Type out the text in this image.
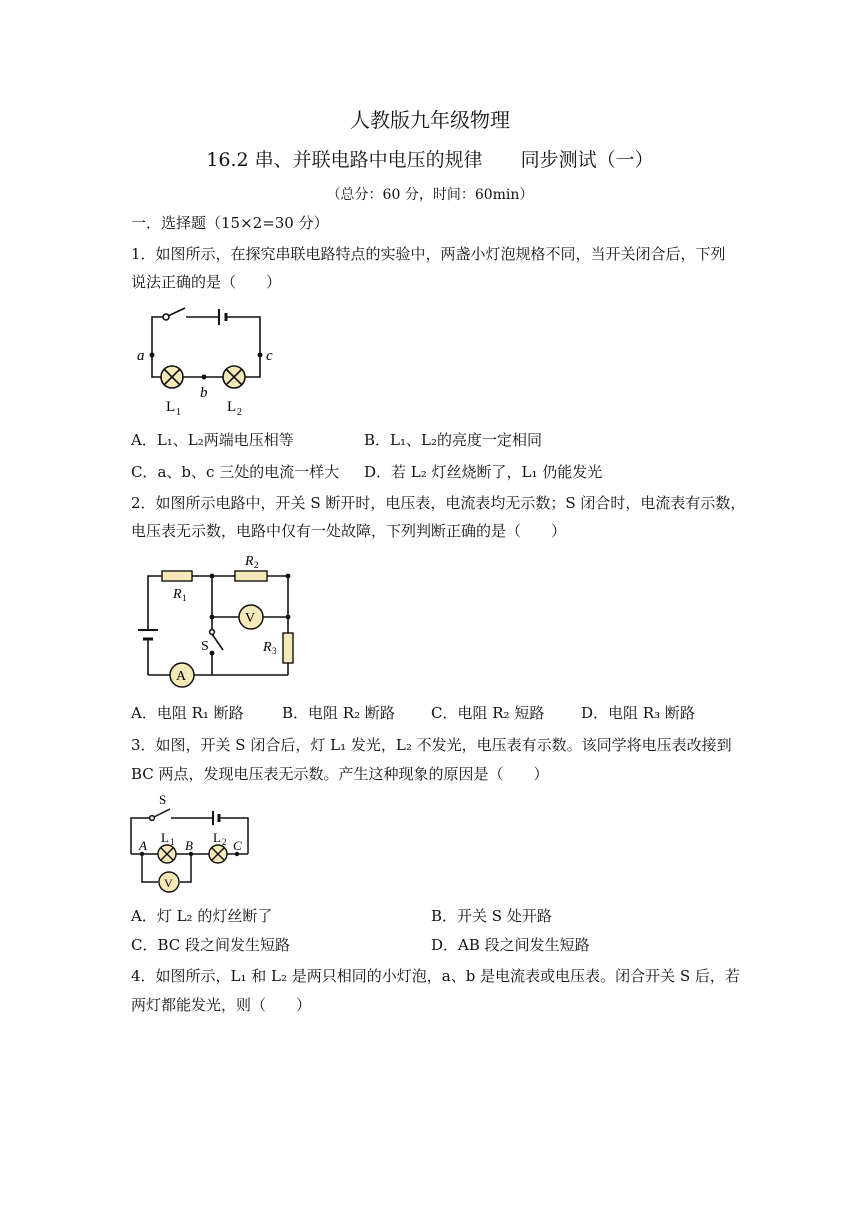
人教版九年级物理
16.2 串、并联电路中电压的规律　　同步测试（一）
（总分：60 分，时间：60min）
一．选择题（15×2=30 分）
1．如图所示，在探究串联电路特点的实验中，两盏小灯泡规格不同，当开关闭合后，下列
说法正确的是（　　）
a
b
c
L 1	L 2
A．L₁、L₂两端电压相等	B．L₁、L₂的亮度一定相同
C．a、b、c 三处的电流一样大 D．若 L₂ 灯丝烧断了，L₁ 仍能发光
2．如图所示电路中，开关 S 断开时，电压表，电流表均无示数；S 闭合时，电流表有示数，
电压表无示数，电路中仅有一处故障，下列判断正确的是（　　）
V
A
R 1
R 2
R 3
S
A．电阻 R₁ 断路	B．电阻 R₂ 断路 C．电阻 R₂ 短路 D．电阻 R₃ 断路
3．如图，开关 S 闭合后，灯 L₁ 发光，L₂ 不发光，电压表有示数。该同学将电压表改接到
BC 两点，发现电压表无示数。产生这种现象的原因是（　　）
V
S
L 1	L 2
A	B	C
A．灯 L₂ 的灯丝断了	B．开关 S 处开路
C．BC 段之间发生短路	D．AB 段之间发生短路
4．如图所示，L₁ 和 L₂ 是两只相同的小灯泡，a、b 是电流表或电压表。闭合开关 S 后，若
两灯都能发光，则（　　）
